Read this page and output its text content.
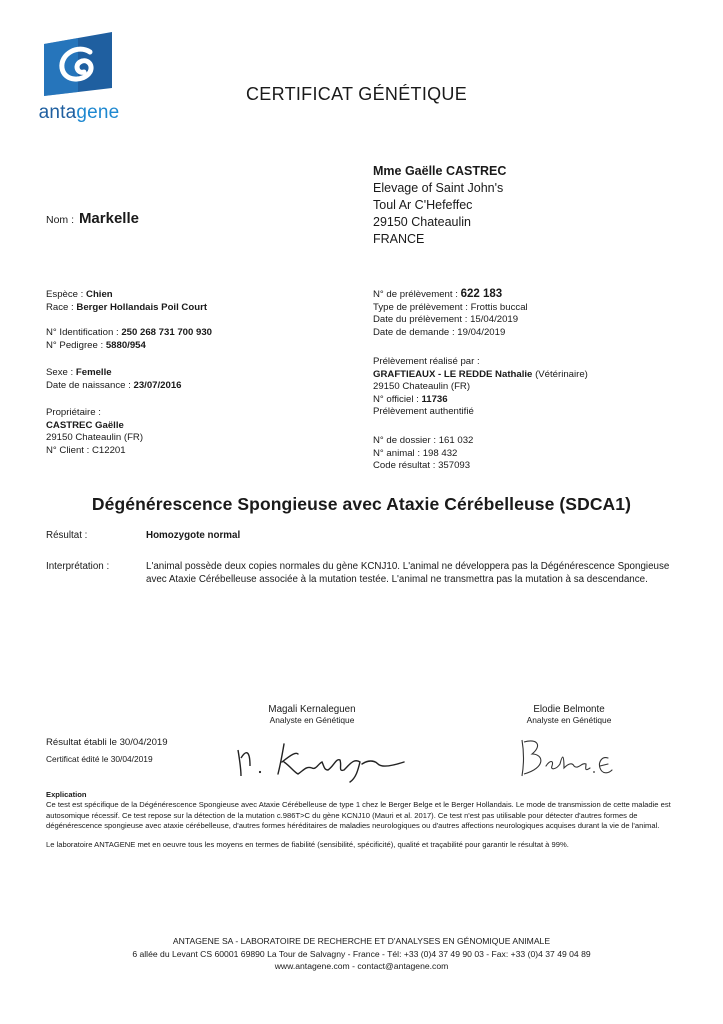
antagene
CERTIFICAT GÉNÉTIQUE
Mme Gaëlle CASTREC
Elevage of Saint John's
Toul Ar C'Hefeffec
29150 Chateaulin
FRANCE
Nom : Markelle
Espèce : Chien
Race : Berger Hollandais Poil Court
N° Identification : 250 268 731 700 930
N° Pedigree : 5880/954
Sexe : Femelle
Date de naissance : 23/07/2016
Propriétaire :
CASTREC Gaëlle
29150 Chateaulin (FR)
N° Client : C12201
N° de prélèvement : 622 183
Type de prélèvement : Frottis buccal
Date du prélèvement : 15/04/2019
Date de demande : 19/04/2019
Prélèvement réalisé par :
GRAFTIEAUX - LE REDDE Nathalie (Vétérinaire)
29150 Chateaulin (FR)
N° officiel : 11736
Prélèvement authentifié
N° de dossier : 161 032
N° animal : 198 432
Code résultat : 357093
Dégénérescence Spongieuse avec Ataxie Cérébelleuse (SDCA1)
Résultat :	Homozygote normal
Interprétation :	L'animal possède deux copies normales du gène KCNJ10. L'animal ne développera pas la Dégénérescence Spongieuse avec Ataxie Cérébelleuse associée à la mutation testée. L'animal ne transmettra pas la mutation à sa descendance.
Magali Kernaleguen
Analyste en Génétique
Elodie Belmonte
Analyste en Génétique
Résultat établi le 30/04/2019
Certificat édité le 30/04/2019
Explication
Ce test est spécifique de la Dégénérescence Spongieuse avec Ataxie Cérébelleuse de type 1 chez le Berger Belge et le Berger Hollandais. Le mode de transmission de cette maladie est autosomique récessif. Ce test repose sur la détection de la mutation c.986T>C du gène KCNJ10 (Mauri et al. 2017). Ce test n'est pas utilisable pour détecter d'autres formes de dégénérescence spongieuse avec ataxie cérébelleuse, d'autres formes héréditaires de maladies neurologiques ou d'autres affections neurologiques acquises durant la vie de l'animal.
Le laboratoire ANTAGENE met en oeuvre tous les moyens en termes de fiabilité (sensibilité, spécificité), qualité et traçabilité pour garantir le résultat à 99%.
ANTAGENE SA - LABORATOIRE DE RECHERCHE ET D'ANALYSES EN GÉNOMIQUE ANIMALE
6 allée du Levant CS 60001 69890 La Tour de Salvagny - France - Tél: +33 (0)4 37 49 90 03 - Fax: +33 (0)4 37 49 04 89
www.antagene.com - contact@antagene.com
